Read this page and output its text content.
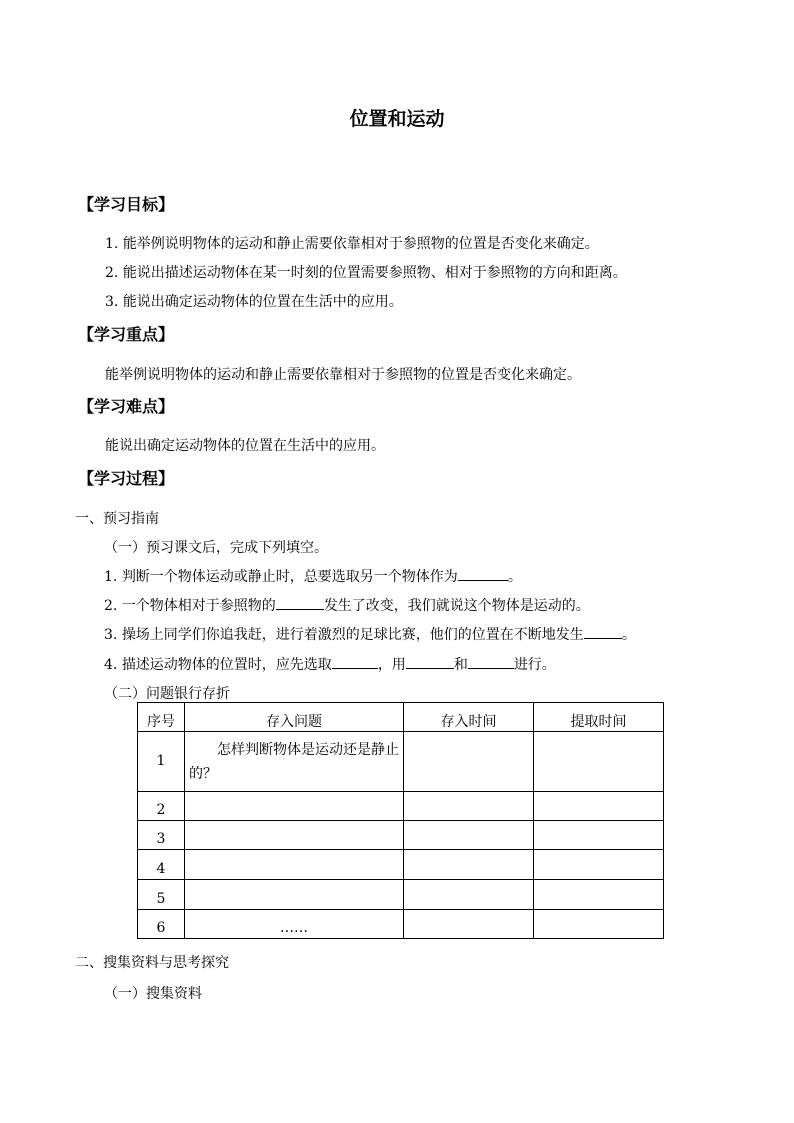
位置和运动
【学习目标】
1. 能举例说明物体的运动和静止需要依靠相对于参照物的位置是否变化来确定。
2. 能说出描述运动物体在某一时刻的位置需要参照物、相对于参照物的方向和距离。
3. 能说出确定运动物体的位置在生活中的应用。
【学习重点】
能举例说明物体的运动和静止需要依靠相对于参照物的位置是否变化来确定。
【学习难点】
能说出确定运动物体的位置在生活中的应用。
【学习过程】
一、预习指南
（一）预习课文后，完成下列填空。
1. 判断一个物体运动或静止时，总要选取另一个物体作为	。
2. 一个物体相对于参照物的	发生了改变，我们就说这个物体是运动的。
3. 操场上同学们你追我赶，进行着激烈的足球比赛，他们的位置在不断地发生	。
4. 描述运动物体的位置时，应先选取	，用	和	进行。
（二）问题银行存折
序号	存入问题	存入时间	提取时间
1	怎样判断物体是运动还是静止的？		
2			
3			
4			
5			
6	……		
二、搜集资料与思考探究
（一）搜集资料
